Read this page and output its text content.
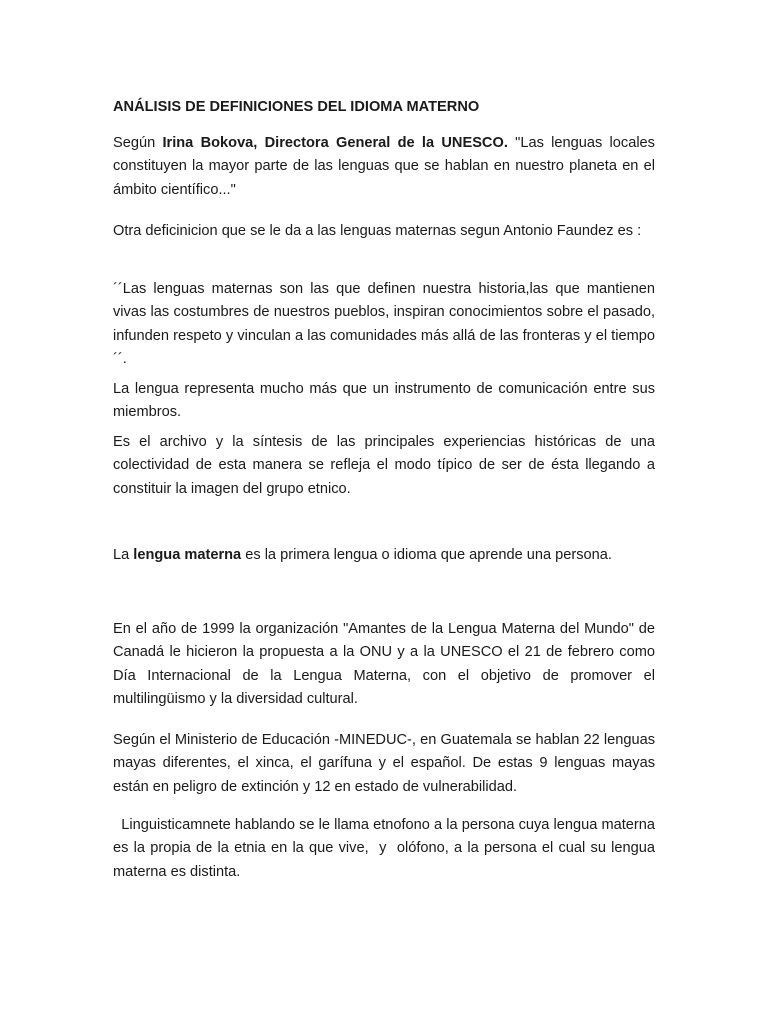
ANÁLISIS DE DEFINICIONES DEL IDIOMA MATERNO

Según Irina Bokova, Directora General de la UNESCO. "Las lenguas locales constituyen la mayor parte de las lenguas que se hablan en nuestro planeta en el ámbito científico..."

Otra deficinicion que se le da a las lenguas maternas segun Antonio Faundez es :

´´Las lenguas maternas son las que definen nuestra historia,las que mantienen vivas las costumbres de nuestros pueblos, inspiran conocimientos sobre el pasado, infunden respeto y vinculan a las comunidades más allá de las fronteras y el tiempo´´.

La lengua representa mucho más que un instrumento de comunicación entre sus miembros.

Es el archivo y la síntesis de las principales experiencias históricas de una colectividad de esta manera se refleja el modo típico de ser de ésta llegando a constituir la imagen del grupo etnico.

La lengua materna es la primera lengua o idioma que aprende una persona.

En el año de 1999 la organización "Amantes de la Lengua Materna del Mundo" de Canadá le hicieron la propuesta a la ONU y a la UNESCO el 21 de febrero como Día Internacional de la Lengua Materna, con el objetivo de promover el multilingüismo y la diversidad cultural.

Según el Ministerio de Educación -MINEDUC-, en Guatemala se hablan 22 lenguas mayas diferentes, el xinca, el garífuna y el español. De estas 9 lenguas mayas están en peligro de extinción y 12 en estado de vulnerabilidad.

Linguisticamnete hablando se le llama etnofono a la persona cuya lengua materna es la propia de la etnia en la que vive,  y  olófono, a la persona el cual su lengua materna es distinta.
